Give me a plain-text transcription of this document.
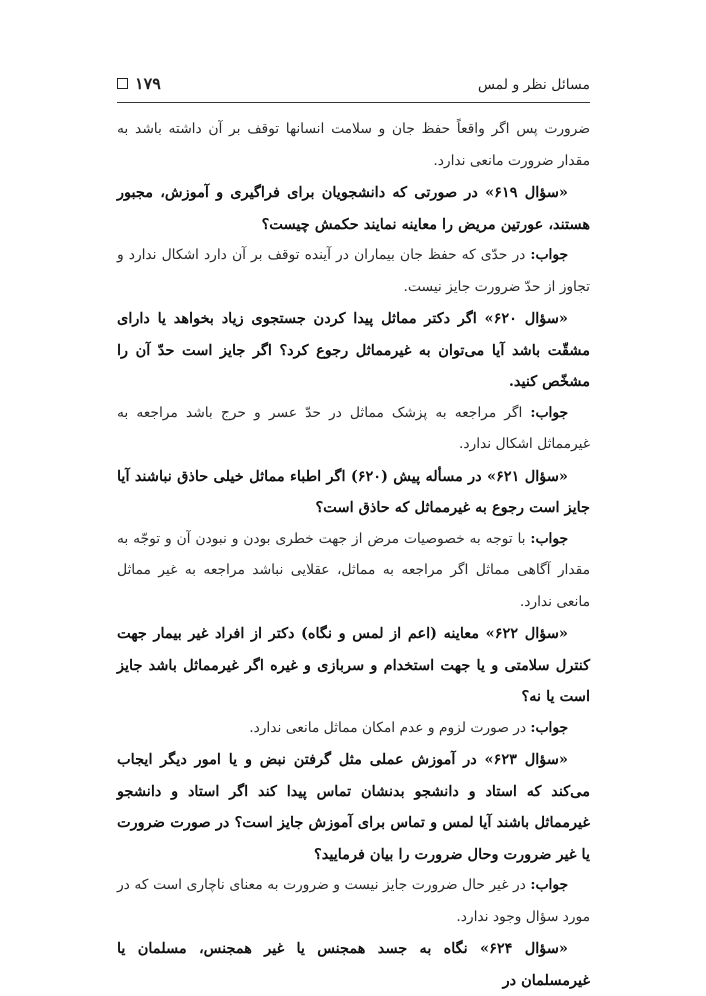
۱۷۹	مسائل نظر و لمس

ضرورت پس اگر واقعاً حفظ جان و سلامت انسانها توقف بر آن داشته باشد به مقدار ضرورت مانعی ندارد.

«سؤال ۶۱۹» در صورتی که دانشجویان برای فراگیری و آموزش، مجبور هستند، عورتین مریض را معاینه نمایند حکمش چیست؟

جواب: در حدّی که حفظ جان بیماران در آینده توقف بر آن دارد اشکال ندارد و تجاوز از حدّ ضرورت جایز نیست.

«سؤال ۶۲۰» اگر دکتر مماثل پیدا کردن جستجوی زیاد بخواهد یا دارای مشقّت باشد آیا می‌توان به غیرمماثل رجوع کرد؟ اگر جایز است حدّ آن را مشخّص کنید.

جواب: اگر مراجعه به پزشک مماثل در حدّ عسر و حرج باشد مراجعه به غیرمماثل اشکال ندارد.

«سؤال ۶۲۱» در مسأله پیش (۶۲۰) اگر اطباء مماثل خیلی حاذق نباشند آیا جایز است رجوع به غیرمماثل که حاذق است؟

جواب: با توجه به خصوصیات مرض از جهت خطری بودن و نبودن آن و توجّه به مقدار آگاهی مماثل اگر مراجعه به مماثل، عقلایی نباشد مراجعه به غیر مماثل مانعی ندارد.

«سؤال ۶۲۲» معاینه (اعم از لمس و نگاه) دکتر از افراد غیر بیمار جهت کنترل سلامتی و یا جهت استخدام و سربازی و غیره اگر غیرمماثل باشد جایز است یا نه؟

جواب: در صورت لزوم و عدم امکان مماثل مانعی ندارد.

«سؤال ۶۲۳» در آموزش عملی مثل گرفتن نبض و یا امور دیگر ایجاب می‌کند که استاد و دانشجو بدنشان تماس پیدا کند اگر استاد و دانشجو غیرمماثل باشند آیا لمس و تماس برای آموزش جایز است؟ در صورت ضرورت یا غیر ضرورت وحال ضرورت را بیان فرمایید؟

جواب: در غیر حال ضرورت جایز نیست و ضرورت به معنای ناچاری است که در مورد سؤال وجود ندارد.

«سؤال ۶۲۴» نگاه به جسد همجنس یا غیر همجنس، مسلمان یا غیرمسلمان در
